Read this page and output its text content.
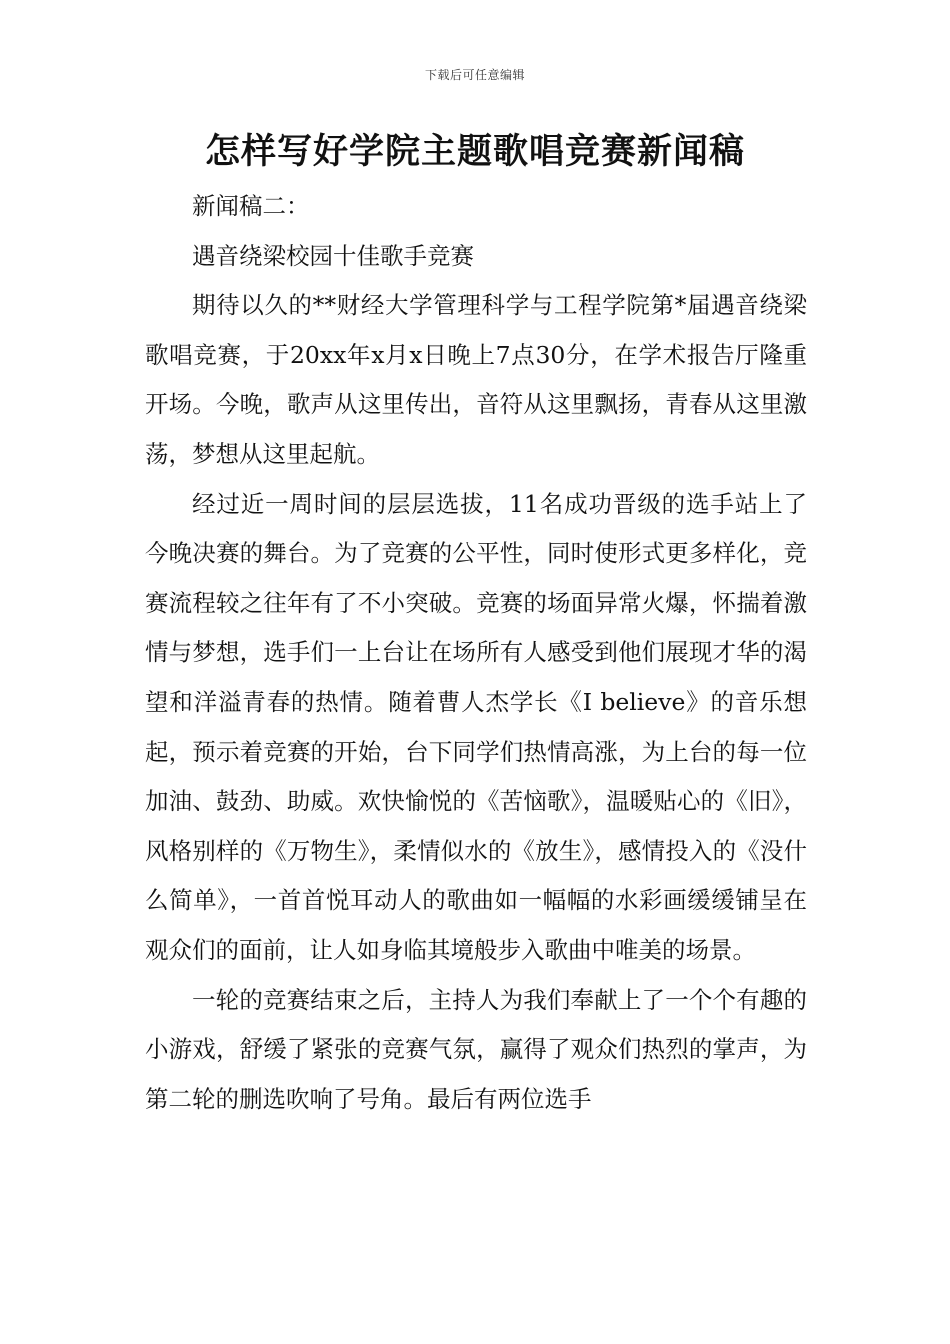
下载后可任意编辑
怎样写好学院主题歌唱竞赛新闻稿

新闻稿二：

遇音绕梁校园十佳歌手竞赛

期待以久的**财经大学管理科学与工程学院第*届遇音绕梁歌唱竞赛，于20xx年x月x日晚上7点30分，在学术报告厅隆重开场。今晚，歌声从这里传出，音符从这里飘扬，青春从这里激荡，梦想从这里起航。

经过近一周时间的层层选拔，11名成功晋级的选手站上了今晚决赛的舞台。为了竞赛的公平性，同时使形式更多样化，竞赛流程较之往年有了不小突破。竞赛的场面异常火爆，怀揣着激情与梦想，选手们一上台让在场所有人感受到他们展现才华的渴望和洋溢青春的热情。随着曹人杰学长《I believe》的音乐想起，预示着竞赛的开始，台下同学们热情高涨，为上台的每一位加油、鼓劲、助威。欢快愉悦的《苦恼歌》，温暖贴心的《旧》，风格别样的《万物生》，柔情似水的《放生》，感情投入的《没什么简单》，一首首悦耳动人的歌曲如一幅幅的水彩画缓缓铺呈在观众们的面前，让人如身临其境般步入歌曲中唯美的场景。

一轮的竞赛结束之后，主持人为我们奉献上了一个个有趣的小游戏，舒缓了紧张的竞赛气氛，赢得了观众们热烈的掌声，为第二轮的删选吹响了号角。最后有两位选手
